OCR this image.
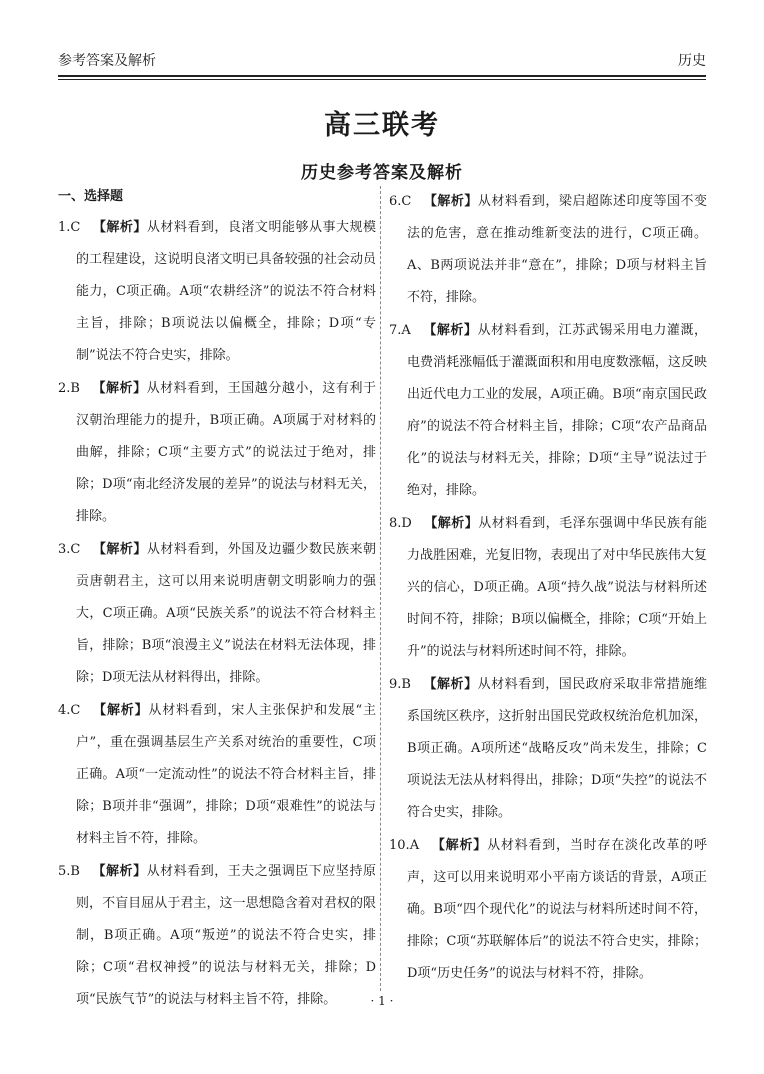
参考答案及解析	历史
高三联考
历史参考答案及解析
一、选择题
1.C 【解析】从材料看到，良渚文明能够从事大规模的工程建设，这说明良渚文明已具备较强的社会动员能力，C项正确。A项“农耕经济”的说法不符合材料主旨，排除；B项说法以偏概全，排除；D项“专制”说法不符合史实，排除。
2.B 【解析】从材料看到，王国越分越小，这有利于汉朝治理能力的提升，B项正确。A项属于对材料的曲解，排除；C项“主要方式”的说法过于绝对，排除；D项“南北经济发展的差异”的说法与材料无关，排除。
3.C 【解析】从材料看到，外国及边疆少数民族来朝贡唐朝君主，这可以用来说明唐朝文明影响力的强大，C项正确。A项“民族关系”的说法不符合材料主旨，排除；B项“浪漫主义”说法在材料无法体现，排除；D项无法从材料得出，排除。
4.C 【解析】从材料看到，宋人主张保护和发展“主户”，重在强调基层生产关系对统治的重要性，C项正确。A项“一定流动性”的说法不符合材料主旨，排除；B项并非“强调”，排除；D项“艰难性”的说法与材料主旨不符，排除。
5.B 【解析】从材料看到，王夫之强调臣下应坚持原则，不盲目屈从于君主，这一思想隐含着对君权的限制，B项正确。A项“叛逆”的说法不符合史实，排除；C项“君权神授”的说法与材料无关，排除；D项“民族气节”的说法与材料主旨不符，排除。
6.C 【解析】从材料看到，梁启超陈述印度等国不变法的危害，意在推动维新变法的进行，C项正确。A、B两项说法并非“意在”，排除；D项与材料主旨不符，排除。
7.A 【解析】从材料看到，江苏武锡采用电力灌溉，电费消耗涨幅低于灌溉面积和用电度数涨幅，这反映出近代电力工业的发展，A项正确。B项“南京国民政府”的说法不符合材料主旨，排除；C项“农产品商品化”的说法与材料无关，排除；D项“主导”说法过于绝对，排除。
8.D 【解析】从材料看到，毛泽东强调中华民族有能力战胜困难，光复旧物，表现出了对中华民族伟大复兴的信心，D项正确。A项“持久战”说法与材料所述时间不符，排除；B项以偏概全，排除；C项“开始上升”的说法与材料所述时间不符，排除。
9.B 【解析】从材料看到，国民政府采取非常措施维系国统区秩序，这折射出国民党政权统治危机加深，B项正确。A项所述“战略反攻”尚未发生，排除；C项说法无法从材料得出，排除；D项“失控”的说法不符合史实，排除。
10.A 【解析】从材料看到，当时存在淡化改革的呼声，这可以用来说明邓小平南方谈话的背景，A项正确。B项“四个现代化”的说法与材料所述时间不符，排除；C项“苏联解体后”的说法不符合史实，排除；D项“历史任务”的说法与材料不符，排除。
· 1 ·
